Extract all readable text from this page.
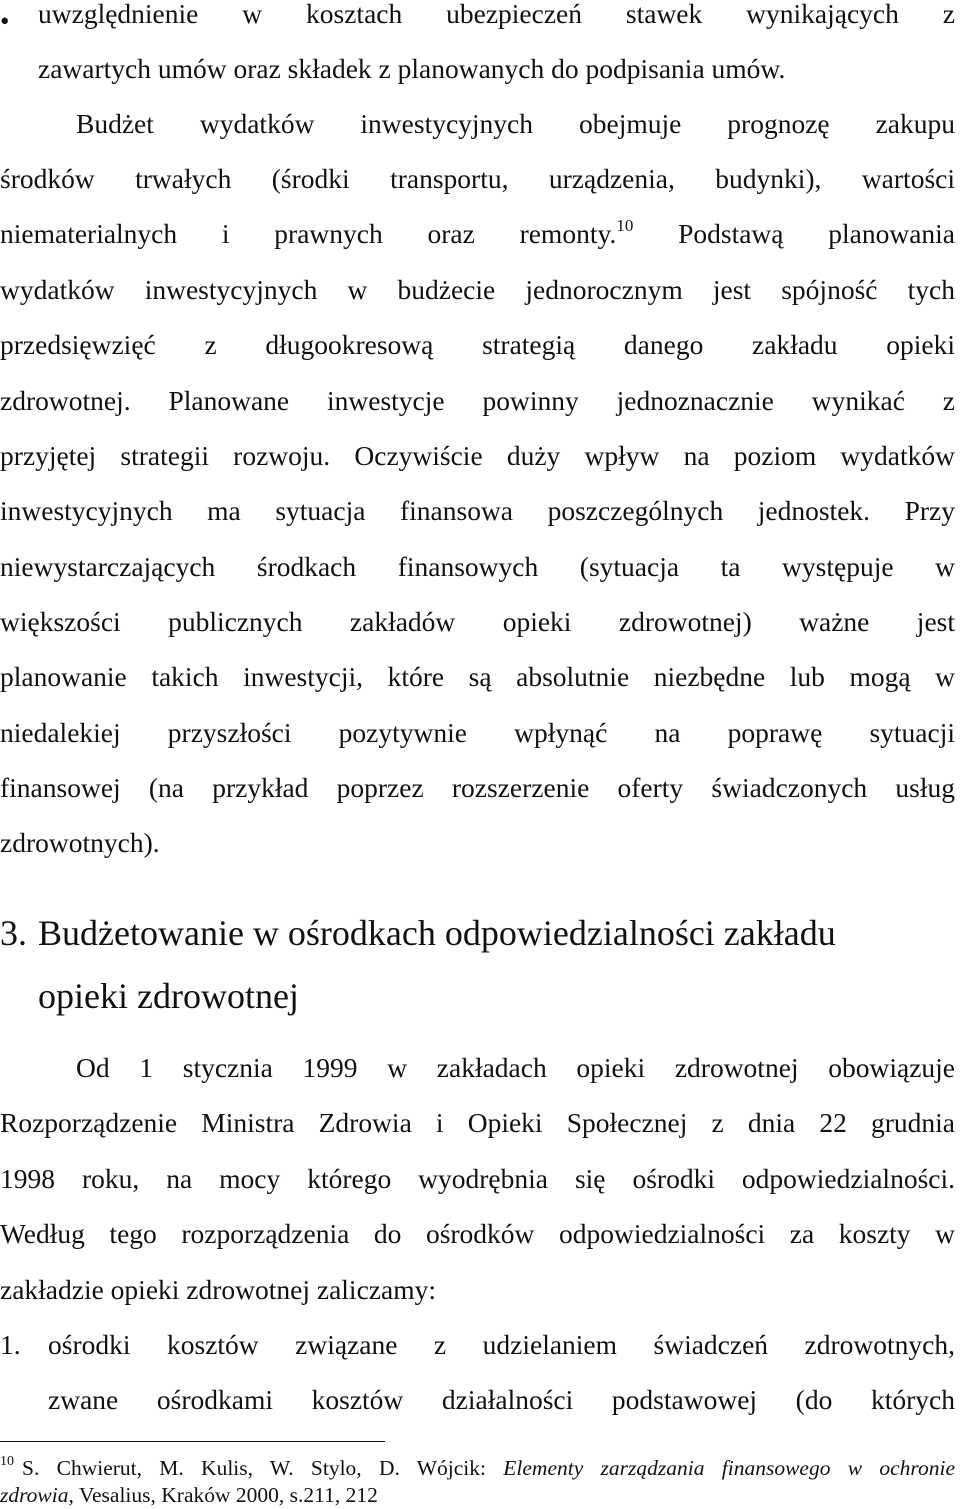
• uwzględnienie w kosztach ubezpieczeń stawek wynikających z
zawartych umów oraz składek z planowanych do podpisania umów.
Budżet wydatków inwestycyjnych obejmuje prognozę zakupu
środków trwałych (środki transportu, urządzenia, budynki), wartości
niematerialnych i prawnych oraz remonty.$^{10}$ Podstawą planowania
wydatków inwestycyjnych w budżecie jednorocznym jest spójność tych
przedsięwzięć z długookresową strategią danego zakładu opieki
zdrowotnej. Planowane inwestycje powinny jednoznacznie wynikać z
przyjętej strategii rozwoju. Oczywiście duży wpływ na poziom wydatków
inwestycyjnych ma sytuacja finansowa poszczególnych jednostek. Przy
niewystarczających środkach finansowych (sytuacja ta występuje w
większości publicznych zakładów opieki zdrowotnej) ważne jest
planowanie takich inwestycji, które są absolutnie niezbędne lub mogą w
niedalekiej przyszłości pozytywnie wpłynąć na poprawę sytuacji
finansowej (na przykład poprzez rozszerzenie oferty świadczonych usług
zdrowotnych).
3. Budżetowanie w ośrodkach odpowiedzialności zakładu
opieki zdrowotnej
Od 1 stycznia 1999 w zakładach opieki zdrowotnej obowiązuje
Rozporządzenie Ministra Zdrowia i Opieki Społecznej z dnia 22 grudnia
1998 roku, na mocy którego wyodrębnia się ośrodki odpowiedzialności.
Według tego rozporządzenia do ośrodków odpowiedzialności za koszty w
zakładzie opieki zdrowotnej zaliczamy:
1. ośrodki kosztów związane z udzielaniem świadczeń zdrowotnych,
zwane ośrodkami kosztów działalności podstawowej (do których
$^{10}$ S. Chwierut, M. Kulis, W. Stylo, D. Wójcik: Elementy zarządzania finansowego w ochronie
zdrowia, Vesalius, Kraków 2000, s.211, 212
